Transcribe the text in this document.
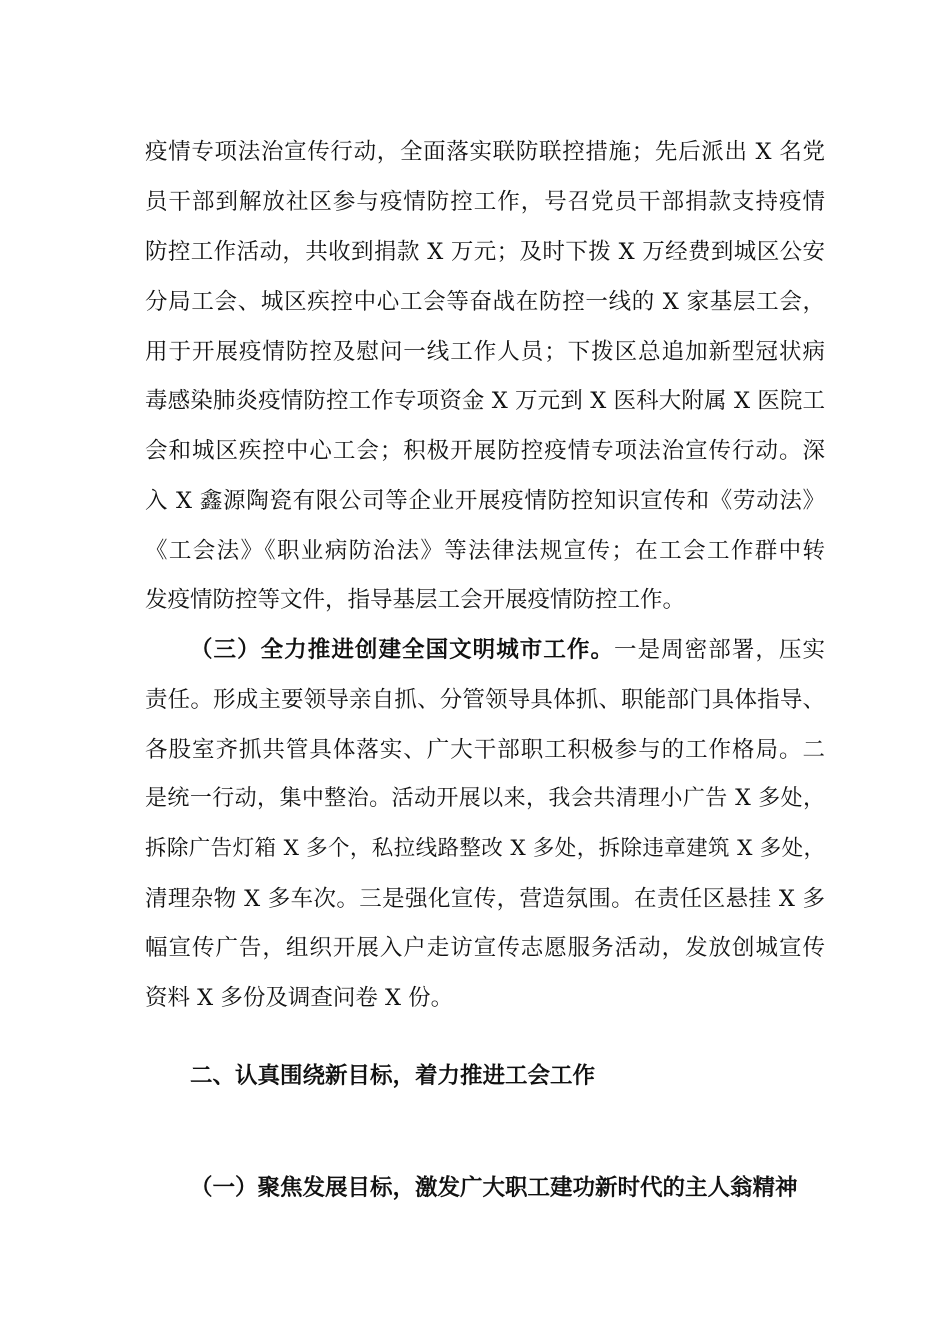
疫情专项法治宣传行动，全面落实联防联控措施；先后派出 X 名党
员干部到解放社区参与疫情防控工作，号召党员干部捐款支持疫情
防控工作活动，共收到捐款 X 万元；及时下拨 X 万经费到城区公安
分局工会、城区疾控中心工会等奋战在防控一线的 X 家基层工会，
用于开展疫情防控及慰问一线工作人员；下拨区总追加新型冠状病
毒感染肺炎疫情防控工作专项资金 X 万元到 X 医科大附属 X 医院工
会和城区疾控中心工会；积极开展防控疫情专项法治宣传行动。深
入 X 鑫源陶瓷有限公司等企业开展疫情防控知识宣传和《劳动法》
《工会法》《职业病防治法》等法律法规宣传；在工会工作群中转
发疫情防控等文件，指导基层工会开展疫情防控工作。
（三）全力推进创建全国文明城市工作。一是周密部署，压实
责任。形成主要领导亲自抓、分管领导具体抓、职能部门具体指导、
各股室齐抓共管具体落实、广大干部职工积极参与的工作格局。二
是统一行动，集中整治。活动开展以来，我会共清理小广告 X 多处，
拆除广告灯箱 X 多个，私拉线路整改 X 多处，拆除违章建筑 X 多处，
清理杂物 X 多车次。三是强化宣传，营造氛围。在责任区悬挂 X 多
幅宣传广告，组织开展入户走访宣传志愿服务活动，发放创城宣传
资料 X 多份及调查问卷 X 份。
二、认真围绕新目标，着力推进工会工作
（一）聚焦发展目标，激发广大职工建功新时代的主人翁精神
